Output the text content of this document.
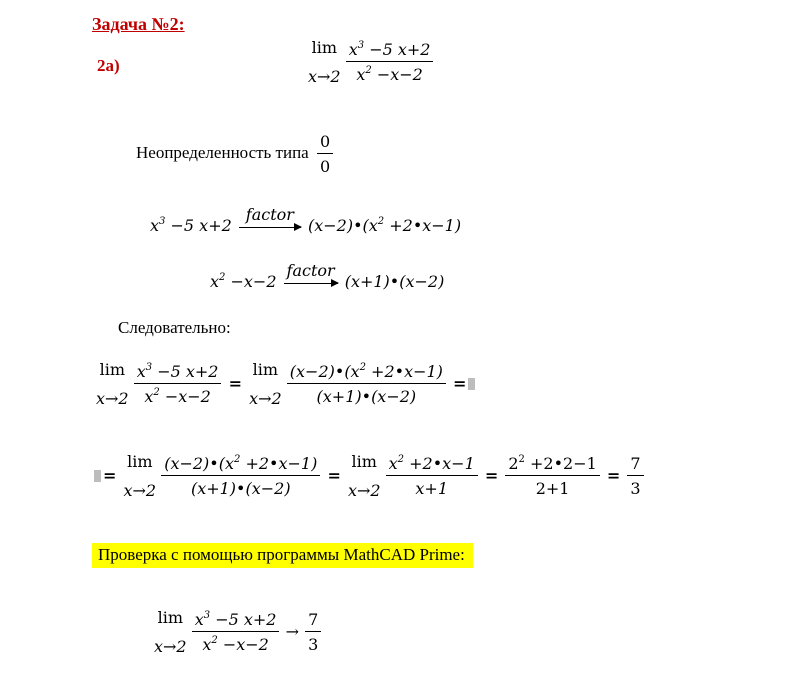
Задача №2:
2а)
lim
x→2
$\frac{x^3 -5 x+2}{x^2 -x-2}$
Неопределенность типа $\frac{0}{0}$
$x^3 -5$ x+2
factor
$(x-2)•(x^2$ +2•x−1)
$x^2 -x-2$
factor
(x+1)•(x−2)
Следовательно:
lim
x→2
$\frac{x^3 -5 x+2}{x^2 -x-2}$ =
lim
x→2
$\frac{(x-2)•(x^2 +2•x-1)}{(x+1)•(x-2)}$ =
=
lim
x→2
$\frac{(x-2)•(x^2 +2•x-1)}{(x+1)•(x-2)}$ =
lim
x→2
$\frac{x^2 +2•x-1}{x+1} = \frac{2^2 +2•2-1}{2+1} = \frac{7}{3}$
Проверка с помощью программы MathCAD Prime:
lim
x→2
$\frac{x^3 -5 x+2}{x^2 -x-2} \to \frac{7}{3}$
